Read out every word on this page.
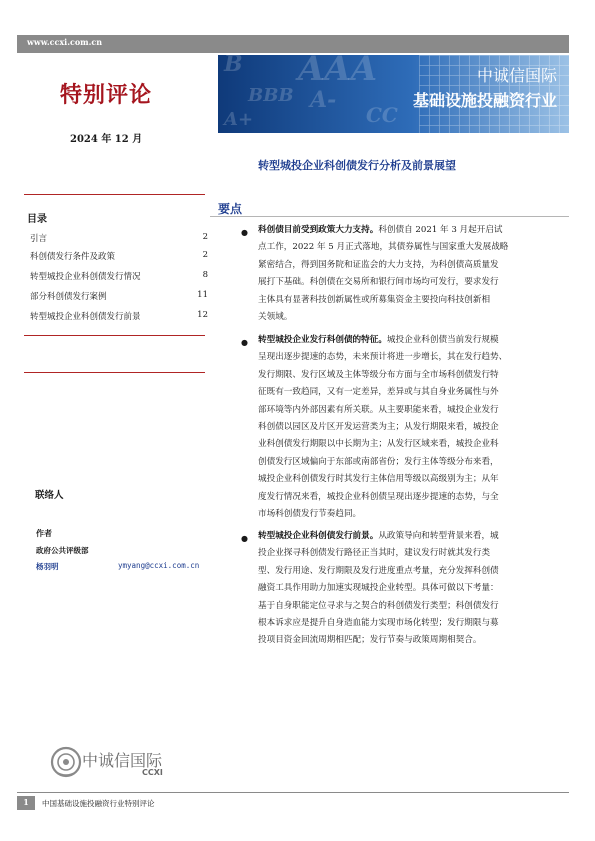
www.ccxi.com.cn
特别评论
2024 年 12 月
B AAA
BBB A-
A+	CC
中诚信国际
基础设施投融资行业
转型城投企业科创债发行分析及前景展望
目录
引言	2
科创债发行条件及政策	2
转型城投企业科创债发行情况	8
部分科创债发行案例	11
转型城投企业科创债发行前景	12
联络人
作者
政府公共评级部
杨羽明	ymyang@ccxi.com.cn
中诚信国际
CCXI
要点
● 科创债目前受到政策大力支持。科创债自 2021 年 3 月起开启试
点工作，2022 年 5 月正式落地，其债券属性与国家重大发展战略
紧密结合，得到国务院和证监会的大力支持，为科创债高质量发
展打下基础。科创债在交易所和银行间市场均可发行，要求发行
主体具有显著科技创新属性或所募集资金主要投向科技创新相
关领域。
● 转型城投企业发行科创债的特征。城投企业科创债当前发行规模
呈现出逐步提速的态势，未来预计将进一步增长，其在发行趋势、
发行期限、发行区域及主体等级分布方面与全市场科创债发行特
征既有一致趋同，又有一定差异，差异或与其自身业务属性与外
部环境等内外部因素有所关联。从主要职能来看，城投企业发行
科创债以园区及片区开发运营类为主；从发行期限来看，城投企
业科创债发行期限以中长期为主；从发行区域来看，城投企业科
创债发行区域偏向于东部或南部省份；发行主体等级分布来看，
城投企业科创债发行时其发行主体信用等级以高级别为主；从年
度发行情况来看，城投企业科创债呈现出逐步提速的态势，与全
市场科创债发行节奏趋同。
● 转型城投企业科创债发行前景。从政策导向和转型背景来看，城
投企业探寻科创债发行路径正当其时，建议发行时就其发行类
型、发行用途、发行期限及发行进度重点考量，充分发挥科创债
融资工具作用助力加速实现城投企业转型。具体可做以下考量：
基于自身职能定位寻求与之契合的科创债发行类型；科创债发行
根本诉求应是提升自身造血能力实现市场化转型；发行期限与募
投项目资金回流周期相匹配；发行节奏与政策周期相契合。
1	中国基础设施投融资行业特别评论
